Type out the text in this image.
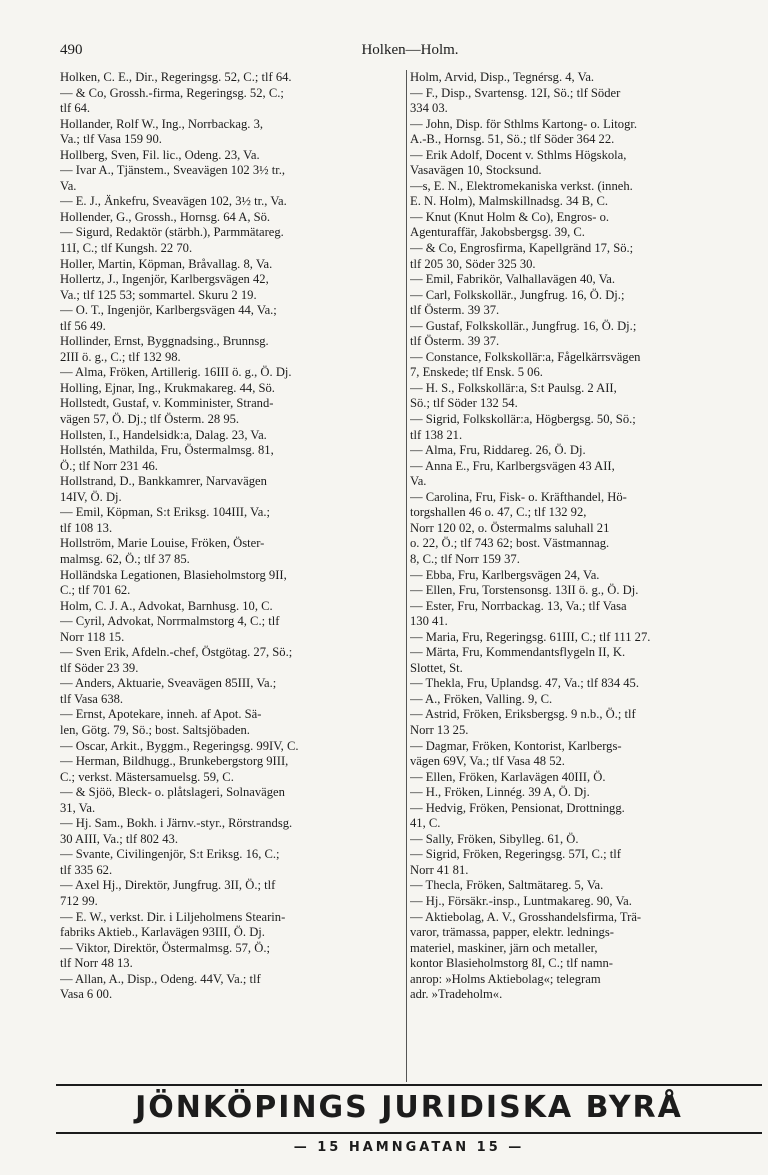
490	Holken—Holm.
Holken, C. E., Dir., Regeringsg. 52, C.; tlf 64.
— & Co, Grossh.-firma, Regeringsg. 52, C.;
tlf 64.
Hollander, Rolf W., Ing., Norrbackag. 3,
Va.; tlf Vasa 159 90.
Hollberg, Sven, Fil. lic., Odeng. 23, Va.
— Ivar A., Tjänstem., Sveavägen 102 3½ tr.,
Va.
— E. J., Änkefru, Sveavägen 102, 3½ tr., Va.
Hollender, G., Grossh., Hornsg. 64 A, Sö.
— Sigurd, Redaktör (stärbh.), Parmmätareg.
11I, C.; tlf Kungsh. 22 70.
Holler, Martin, Köpman, Bråvallag. 8, Va.
Hollertz, J., Ingenjör, Karlbergsvägen 42,
Va.; tlf 125 53; sommartel. Skuru 2 19.
— O. T., Ingenjör, Karlbergsvägen 44, Va.;
tlf 56 49.
Hollinder, Ernst, Byggnadsing., Brunnsg.
2III ö. g., C.; tlf 132 98.
— Alma, Fröken, Artillerig. 16III ö. g., Ö. Dj.
Holling, Ejnar, Ing., Krukmakareg. 44, Sö.
Hollstedt, Gustaf, v. Komminister, Strand-
vägen 57, Ö. Dj.; tlf Österm. 28 95.
Hollsten, I., Handelsidk:a, Dalag. 23, Va.
Hollstén, Mathilda, Fru, Östermalmsg. 81,
Ö.; tlf Norr 231 46.
Hollstrand, D., Bankkamrer, Narvavägen
14IV, Ö. Dj.
— Emil, Köpman, S:t Eriksg. 104III, Va.;
tlf 108 13.
Hollström, Marie Louise, Fröken, Öster-
malmsg. 62, Ö.; tlf 37 85.
Holländska Legationen, Blasieholmstorg 9II,
C.; tlf 701 62.
Holm, C. J. A., Advokat, Barnhusg. 10, C.
— Cyril, Advokat, Norrmalmstorg 4, C.; tlf
Norr 118 15.
— Sven Erik, Afdeln.-chef, Östgötag. 27, Sö.;
tlf Söder 23 39.
— Anders, Aktuarie, Sveavägen 85III, Va.;
tlf Vasa 638.
— Ernst, Apotekare, inneh. af Apot. Sä-
len, Götg. 79, Sö.; bost. Saltsjöbaden.
— Oscar, Arkit., Byggm., Regeringsg. 99IV, C.
— Herman, Bildhugg., Brunkebergstorg 9III,
C.; verkst. Mästersamuelsg. 59, C.
— & Sjöö, Bleck- o. plåtslageri, Solnavägen
31, Va.
— Hj. Sam., Bokh. i Järnv.-styr., Rörstrandsg.
30 AIII, Va.; tlf 802 43.
— Svante, Civilingenjör, S:t Eriksg. 16, C.;
tlf 335 62.
— Axel Hj., Direktör, Jungfrug. 3II, Ö.; tlf
712 99.
— E. W., verkst. Dir. i Liljeholmens Stearin-
fabriks Aktieb., Karlavägen 93III, Ö. Dj.
— Viktor, Direktör, Östermalmsg. 57, Ö.;
tlf Norr 48 13.
— Allan, A., Disp., Odeng. 44V, Va.; tlf
Vasa 6 00.
Holm, Arvid, Disp., Tegnérsg. 4, Va.
— F., Disp., Svartensg. 12I, Sö.; tlf Söder
334 03.
— John, Disp. för Sthlms Kartong- o. Litogr.
A.-B., Hornsg. 51, Sö.; tlf Söder 364 22.
— Erik Adolf, Docent v. Sthlms Högskola,
Vasavägen 10, Stocksund.
—s, E. N., Elektromekaniska verkst. (inneh.
E. N. Holm), Malmskillnadsg. 34 B, C.
— Knut (Knut Holm & Co), Engros- o.
Agenturaffär, Jakobsbergsg. 39, C.
— & Co, Engrosfirma, Kapellgränd 17, Sö.;
tlf 205 30, Söder 325 30.
— Emil, Fabrikör, Valhallavägen 40, Va.
— Carl, Folkskollär., Jungfrug. 16, Ö. Dj.;
tlf Österm. 39 37.
— Gustaf, Folkskollär., Jungfrug. 16, Ö. Dj.;
tlf Österm. 39 37.
— Constance, Folkskollär:a, Fågelkärrsvägen
7, Enskede; tlf Ensk. 5 06.
— H. S., Folkskollär:a, S:t Paulsg. 2 AII,
Sö.; tlf Söder 132 54.
— Sigrid, Folkskollär:a, Högbergsg. 50, Sö.;
tlf 138 21.
— Alma, Fru, Riddareg. 26, Ö. Dj.
— Anna E., Fru, Karlbergsvägen 43 AII,
Va.
— Carolina, Fru, Fisk- o. Kräfthandel, Hö-
torgshallen 46 o. 47, C.; tlf 132 92,
Norr 120 02, o. Östermalms saluhall 21
o. 22, Ö.; tlf 743 62; bost. Västmannag.
8, C.; tlf Norr 159 37.
— Ebba, Fru, Karlbergsvägen 24, Va.
— Ellen, Fru, Torstensonsg. 13II ö. g., Ö. Dj.
— Ester, Fru, Norrbackag. 13, Va.; tlf Vasa
130 41.
— Maria, Fru, Regeringsg. 61III, C.; tlf 111 27.
— Märta, Fru, Kommendantsflygeln II, K.
Slottet, St.
— Thekla, Fru, Uplandsg. 47, Va.; tlf 834 45.
— A., Fröken, Valling. 9, C.
— Astrid, Fröken, Eriksbergsg. 9 n.b., Ö.; tlf
Norr 13 25.
— Dagmar, Fröken, Kontorist, Karlbergs-
vägen 69V, Va.; tlf Vasa 48 52.
— Ellen, Fröken, Karlavägen 40III, Ö.
— H., Fröken, Linnég. 39 A, Ö. Dj.
— Hedvig, Fröken, Pensionat, Drottningg.
41, C.
— Sally, Fröken, Sibylleg. 61, Ö.
— Sigrid, Fröken, Regeringsg. 57I, C.; tlf
Norr 41 81.
— Thecla, Fröken, Saltmätareg. 5, Va.
— Hj., Försäkr.-insp., Luntmakareg. 90, Va.
— Aktiebolag, A. V., Grosshandelsfirma, Trä-
varor, trämassa, papper, elektr. lednings-
materiel, maskiner, järn och metaller,
kontor Blasieholmstorg 8I, C.; tlf namn-
anrop: »Holms Aktiebolag«; telegram
adr. »Tradeholm«.
JÖNKÖPINGS JURIDISKA BYRÅ
— 15 HAMNGATAN 15 —
